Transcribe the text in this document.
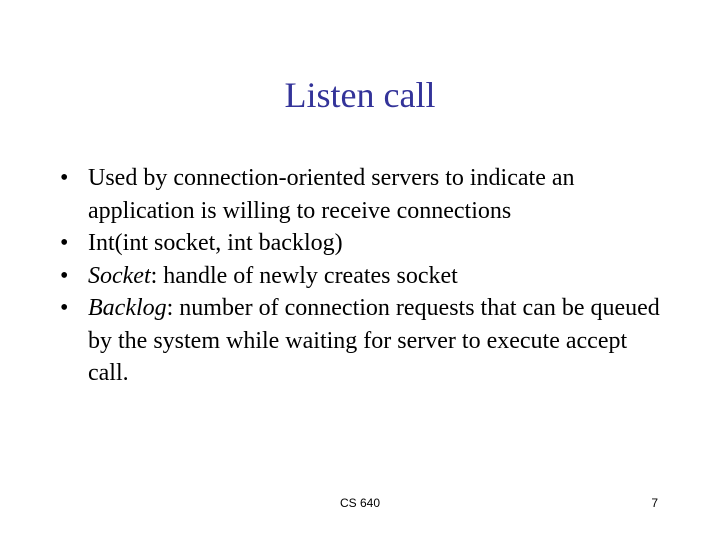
Listen call
• Used by connection-oriented servers to indicate an application is willing to receive connections
• Int(int socket, int backlog)
• Socket: handle of newly creates socket
• Backlog: number of connection requests that can be queued by the system while waiting for server to execute accept call.
CS 640	7
